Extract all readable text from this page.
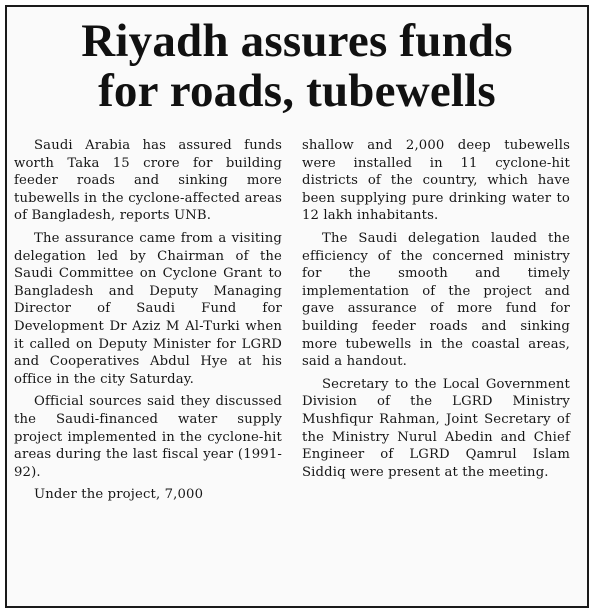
Riyadh assures funds
for roads, tubewells

Saudi Arabia has assured funds worth Taka 15 crore for building feeder roads and sinking more tubewells in the cyclone-affected areas of Bangladesh, reports UNB.

The assurance came from a visiting delegation led by Chairman of the Saudi Committee on Cyclone Grant to Bangladesh and Deputy Managing Director of Saudi Fund for Development Dr Aziz M Al-Turki when it called on Deputy Minister for LGRD and Cooperatives Abdul Hye at his office in the city Saturday.

Official sources said they discussed the Saudi-financed water supply project implemented in the cyclone-hit areas during the last fiscal year (1991-92).

Under the project, 7,000

shallow and 2,000 deep tubewells were installed in 11 cyclone-hit districts of the country, which have been supplying pure drinking water to 12 lakh inhabitants.

The Saudi delegation lauded the efficiency of the concerned ministry for the smooth and timely implementation of the project and gave assurance of more fund for building feeder roads and sinking more tubewells in the coastal areas, said a handout.

Secretary to the Local Government Division of the LGRD Ministry Mushfiqur Rahman, Joint Secretary of the Ministry Nurul Abedin and Chief Engineer of LGRD Qamrul Islam Siddiq were present at the meeting.
